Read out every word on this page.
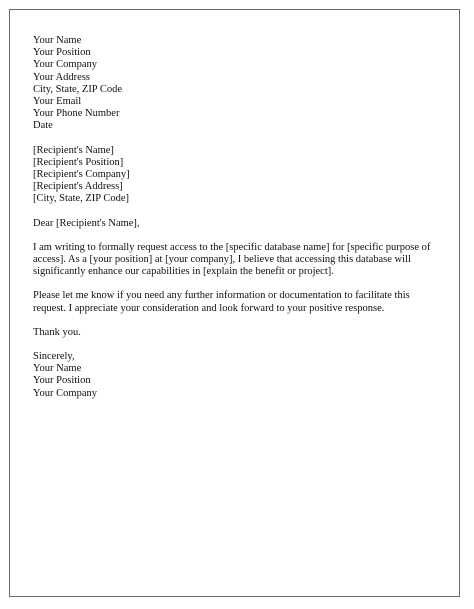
Your Name
Your Position
Your Company
Your Address
City, State, ZIP Code
Your Email
Your Phone Number
Date
[Recipient's Name]
[Recipient's Position]
[Recipient's Company]
[Recipient's Address]
[City, State, ZIP Code]

Dear [Recipient's Name],

I am writing to formally request access to the [specific database name] for [specific purpose of access]. As a [your position] at [your company], I believe that accessing this database will significantly enhance our capabilities in [explain the benefit or project].

Please let me know if you need any further information or documentation to facilitate this request. I appreciate your consideration and look forward to your positive response.

Thank you.

Sincerely,
Your Name
Your Position
Your Company
